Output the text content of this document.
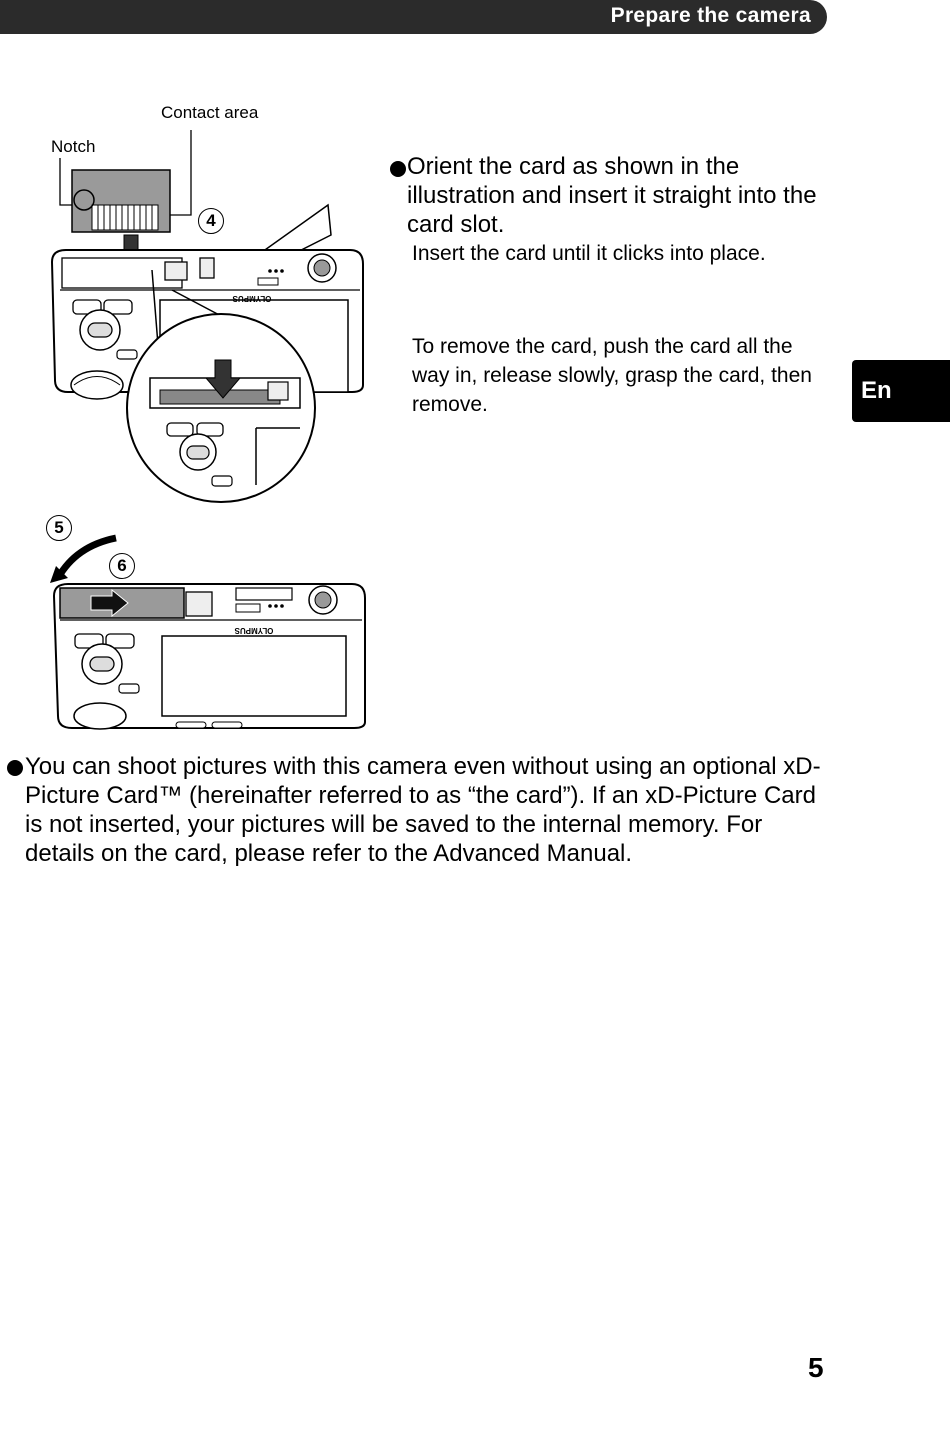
Prepare the camera
En
Contact area
Notch
4
OLYMPUS
Orient the card as shown in the illustration and insert it straight into the card slot.
Insert the card until it clicks into place.
To remove the card, push the card all the way in, release slowly, grasp the card, then remove.
5
6
OLYMPUS
You can shoot pictures with this camera even without using an optional xD-Picture Card™ (hereinafter referred to as “the card”). If an xD-Picture Card is not inserted, your pictures will be saved to the internal memory. For details on the card, please refer to the Advanced Manual.
5
